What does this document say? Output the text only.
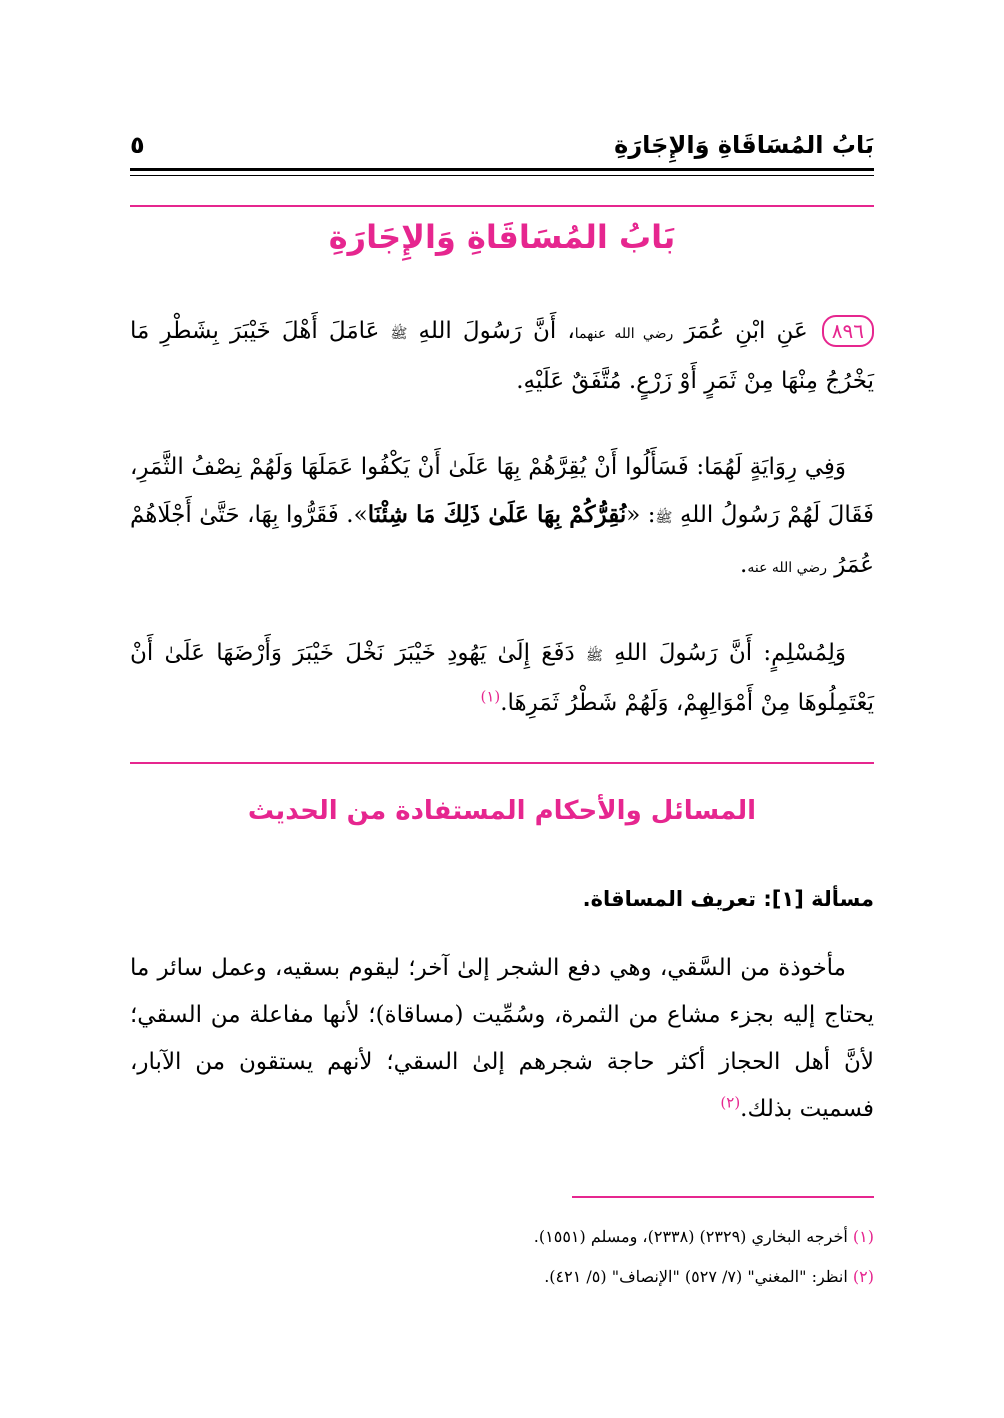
بَابُ المُسَاقَاةِ وَالإِجَارَةِ
٥
بَابُ المُسَاقَاةِ وَالإِجَارَةِ
٨٩٦عَنِ ابْنِ عُمَرَ رضي الله عنهما، أَنَّ رَسُولَ اللهِ ﷺ عَامَلَ أَهْلَ خَيْبَرَ بِشَطْرِ مَا يَخْرُجُ مِنْهَا مِنْ ثَمَرٍ أَوْ زَرْعٍ. مُتَّفَقٌ عَلَيْهِ.
وَفِي رِوَايَةٍ لَهُمَا: فَسَأَلُوا أَنْ يُقِرَّهُمْ بِهَا عَلَىٰ أَنْ يَكْفُوا عَمَلَهَا وَلَهُمْ نِصْفُ الثَّمَرِ، فَقَالَ لَهُمْ رَسُولُ اللهِ ﷺ: «نُقِرُّكُمْ بِهَا عَلَىٰ ذَلِكَ مَا شِئْنَا». فَقَرُّوا بِهَا، حَتَّىٰ أَجْلَاهُمْ عُمَرُ رضي الله عنه.
وَلِمُسْلِمٍ: أَنَّ رَسُولَ اللهِ ﷺ دَفَعَ إِلَىٰ يَهُودِ خَيْبَرَ نَخْلَ خَيْبَرَ وَأَرْضَهَا عَلَىٰ أَنْ يَعْتَمِلُوهَا مِنْ أَمْوَالِهِمْ، وَلَهُمْ شَطْرُ ثَمَرِهَا.$^{(١)}$
المسائل والأحكام المستفادة من الحديث
مسألة [١]: تعريف المساقاة.
مأخوذة من السَّقي، وهي دفع الشجر إلىٰ آخر؛ ليقوم بسقيه، وعمل سائر ما يحتاج إليه بجزء مشاع من الثمرة، وسُمِّيت (مساقاة)؛ لأنها مفاعلة من السقي؛ لأنَّ أهل الحجاز أكثر حاجة شجرهم إلىٰ السقي؛ لأنهم يستقون من الآبار، فسميت بذلك.$^{(٢)}$
(١) أخرجه البخاري (٢٣٢٩) (٢٣٣٨)، ومسلم (١٥٥١).
(٢) انظر: "المغني" (٧/ ٥٢٧) "الإنصاف" (٥/ ٤٢١).
